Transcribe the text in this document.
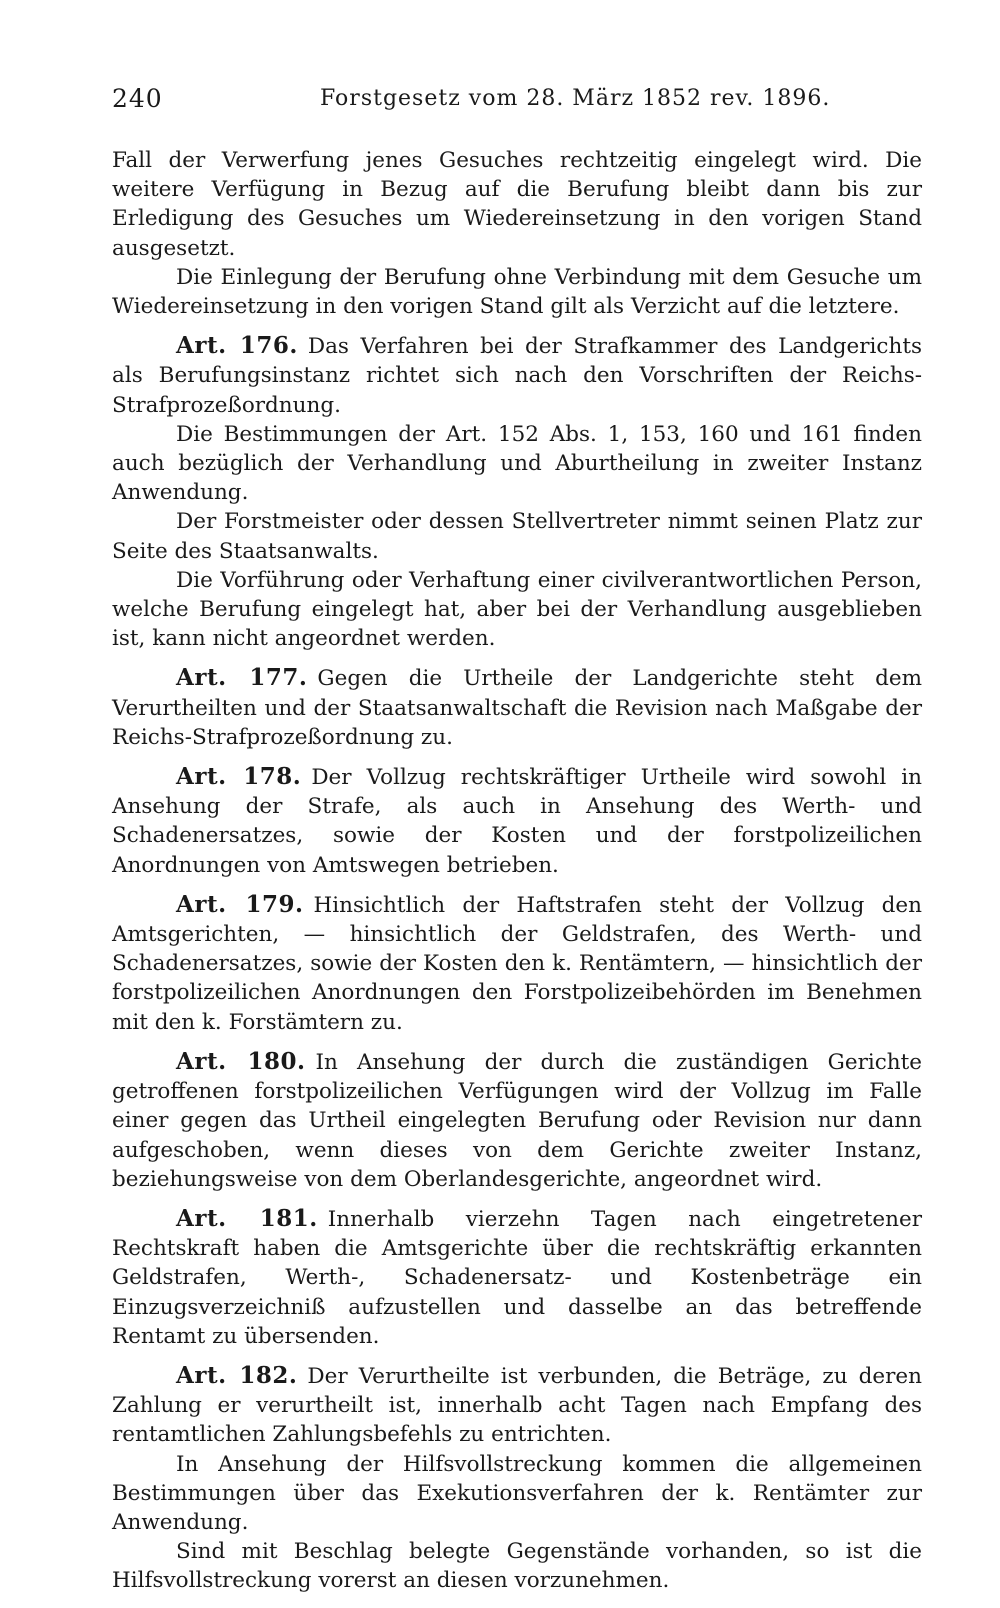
240	Forstgesetz vom 28. März 1852 rev. 1896.

Fall der Verwerfung jenes Gesuches rechtzeitig eingelegt wird. Die weitere Verfügung in Bezug auf die Berufung bleibt dann bis zur Erledigung des Gesuches um Wiedereinsetzung in den vorigen Stand ausgesetzt.

Die Einlegung der Berufung ohne Verbindung mit dem Gesuche um Wiedereinsetzung in den vorigen Stand gilt als Verzicht auf die letztere.

Art. 176. Das Verfahren bei der Strafkammer des Landgerichts als Berufungsinstanz richtet sich nach den Vorschriften der Reichs-Strafprozeßordnung.

Die Bestimmungen der Art. 152 Abs. 1, 153, 160 und 161 finden auch bezüglich der Verhandlung und Aburtheilung in zweiter Instanz Anwendung.

Der Forstmeister oder dessen Stellvertreter nimmt seinen Platz zur Seite des Staatsanwalts.

Die Vorführung oder Verhaftung einer civilverantwortlichen Person, welche Berufung eingelegt hat, aber bei der Verhandlung ausgeblieben ist, kann nicht angeordnet werden.

Art. 177. Gegen die Urtheile der Landgerichte steht dem Verurtheilten und der Staatsanwaltschaft die Revision nach Maßgabe der Reichs-Strafprozeßordnung zu.

Art. 178. Der Vollzug rechtskräftiger Urtheile wird sowohl in Ansehung der Strafe, als auch in Ansehung des Werth- und Schadenersatzes, sowie der Kosten und der forstpolizeilichen Anordnungen von Amtswegen betrieben.

Art. 179. Hinsichtlich der Haftstrafen steht der Vollzug den Amtsgerichten, — hinsichtlich der Geldstrafen, des Werth- und Schadenersatzes, sowie der Kosten den k. Rentämtern, — hinsichtlich der forstpolizeilichen Anordnungen den Forstpolizeibehörden im Benehmen mit den k. Forstämtern zu.

Art. 180. In Ansehung der durch die zuständigen Gerichte getroffenen forstpolizeilichen Verfügungen wird der Vollzug im Falle einer gegen das Urtheil eingelegten Berufung oder Revision nur dann aufgeschoben, wenn dieses von dem Gerichte zweiter Instanz, beziehungsweise von dem Oberlandesgerichte, angeordnet wird.

Art. 181. Innerhalb vierzehn Tagen nach eingetretener Rechtskraft haben die Amtsgerichte über die rechtskräftig erkannten Geldstrafen, Werth-, Schadenersatz- und Kostenbeträge ein Einzugsverzeichniß aufzustellen und dasselbe an das betreffende Rentamt zu übersenden.

Art. 182. Der Verurtheilte ist verbunden, die Beträge, zu deren Zahlung er verurtheilt ist, innerhalb acht Tagen nach Empfang des rentamtlichen Zahlungsbefehls zu entrichten.

In Ansehung der Hilfsvollstreckung kommen die allgemeinen Bestimmungen über das Exekutionsverfahren der k. Rentämter zur Anwendung.

Sind mit Beschlag belegte Gegenstände vorhanden, so ist die Hilfsvollstreckung vorerst an diesen vorzunehmen.
